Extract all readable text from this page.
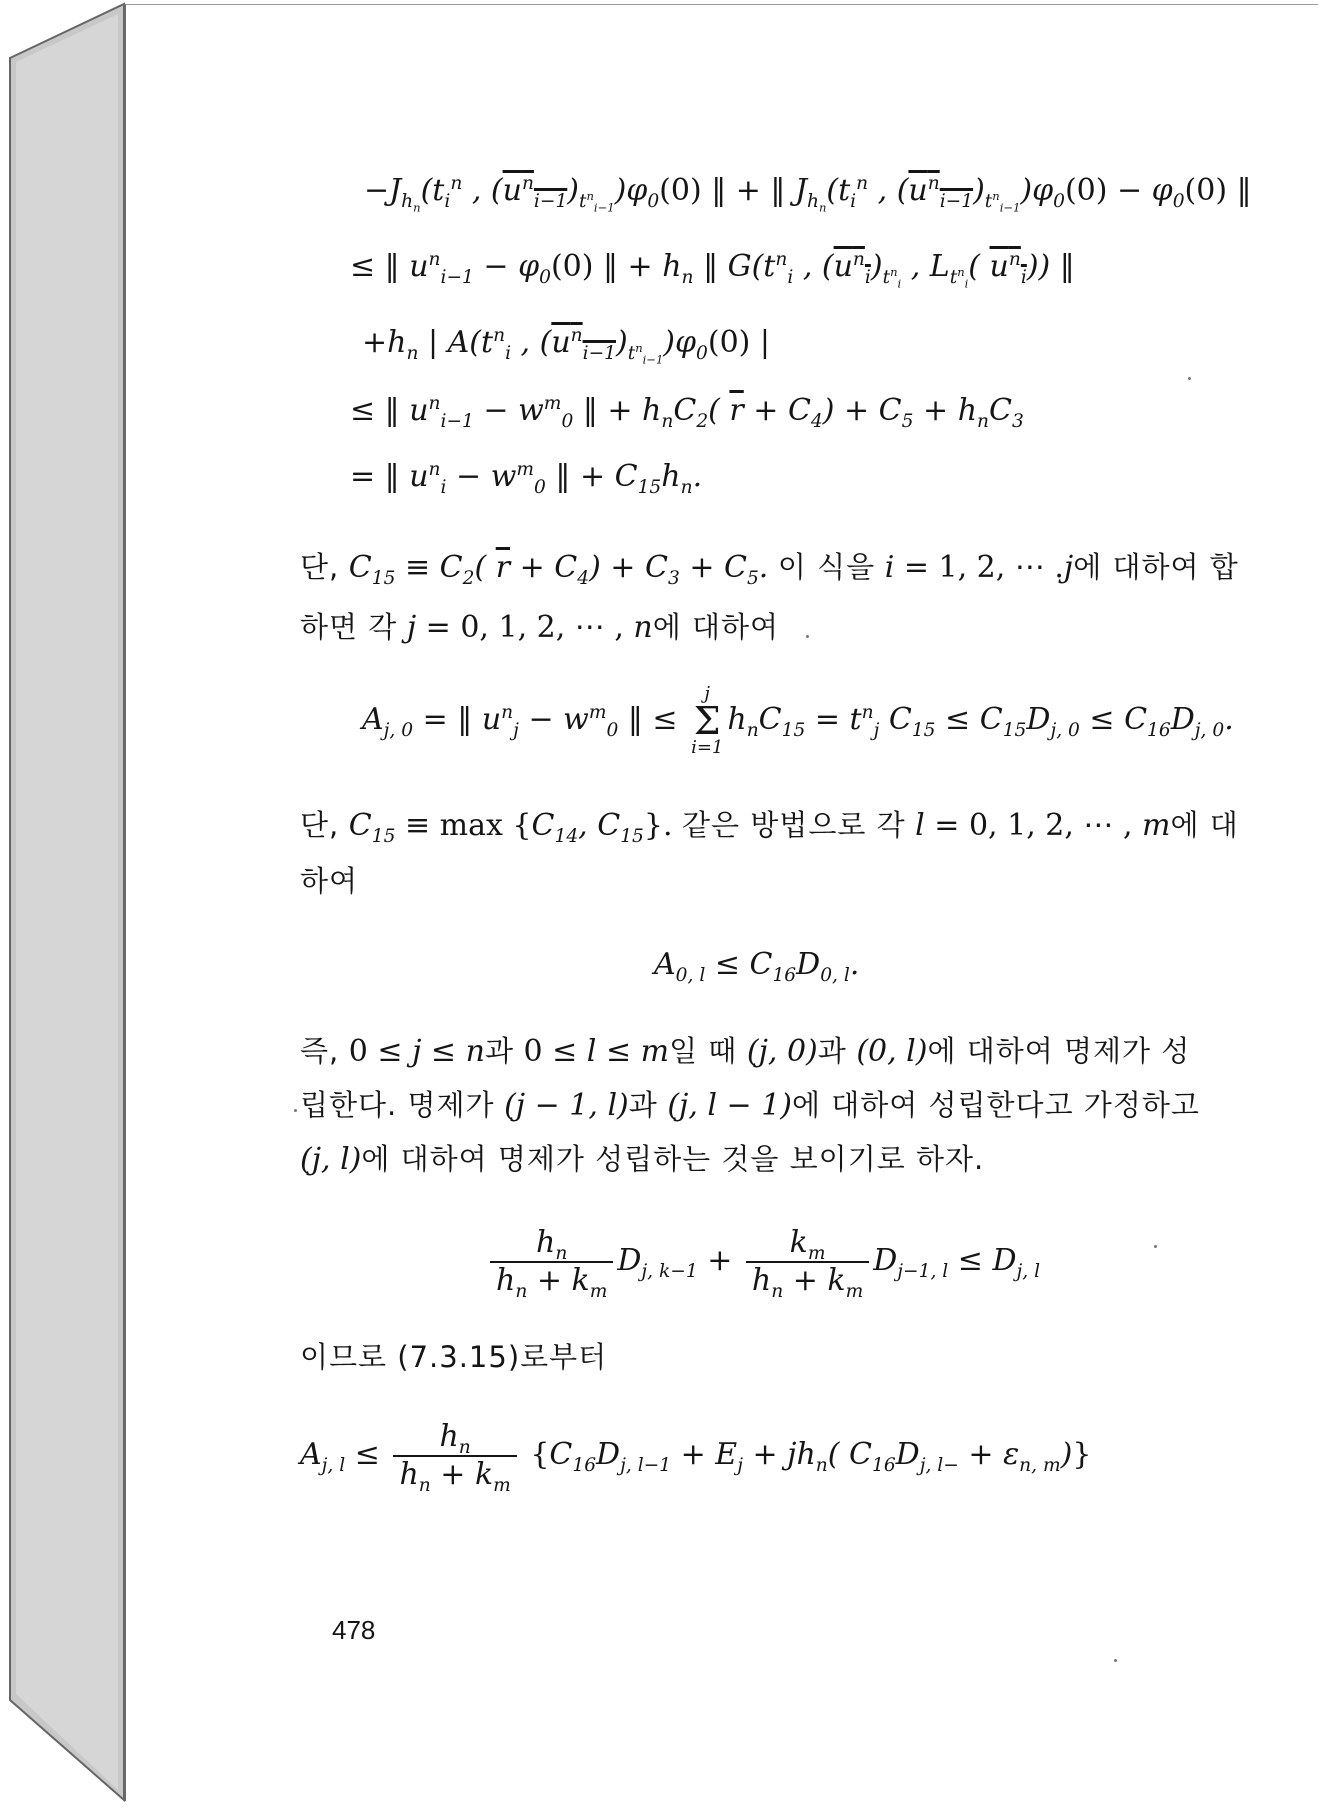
$-J_{h_n}(t_i^n$ , $(u^n_{i-1})_{t^n_{i-1}})\varphi_0(0)$ ‖ + ‖ $J_{h_n}(t_i^n$ , $(u^n_{i-1})_{t^n_{i-1}})\varphi_0(0) - \varphi_0(0)$ ‖
≤ ‖ $u^n_{i-1} - \varphi_0(0)$ ‖ + $h_n$ ‖ $G(t^n_i$ , $(u^n_i)_{t^n_i}$ , $L_{t^n_i}$( $u^n_i$)) ‖
$+h_n$ | $A(t^n_i$ , $(u^n_{i-1})_{t^n_{i-1}})\varphi_0(0)$ |
≤ ‖ $u^n_{i-1} - w^m_0$ ‖ + $h_nC_2$( $\overline{r} + C_4) + C_5 + h_nC_3$
= ‖ $u^n_i - w^m_0$ ‖ + $C_{15}h_n$.
단, $C_{15} \equiv C_2$( $\overline{r} + C_4) + C_3 + C_5$. 이 식을 i = 1, 2, ⋯ .j에 대하여 합
하면 각 j = 0, 1, 2, ⋯ , n에 대하여
$A_{j, 0}$ = ‖ $u^n_j - w^m_0$ ‖ ≤
j
Σ
i=1
$h_nC_{15} = t^n_j$ $C_{15} \le C_{15}D_{j, 0} \le C_{16}D_{j, 0}$.
단, $C_{15} \equiv \max \{C_{14}$, $C_{15}$}. 같은 방법으로 각 l = 0, 1, 2, ⋯ , m에 대
하여
$A_{0, l} \le C_{16}D_{0, l}$.
즉, 0 ≤ j ≤ n과 0 ≤ l ≤ m일 때 (j, 0)과 (0, l)에 대하여 명제가 성
립한다. 명제가 (j − 1, l)과 (j, l − 1)에 대하여 성립한다고 가정하고
(j, l)에 대하여 명제가 성립하는 것을 보이기로 하자.
$\frac{h_n}{h_n + k_m} D_{j, k-1} + \frac{k_m}{h_n + k_m} D_{j-1, l} \le D_{j, l}$
이므로 (7.3.15)로부터
$A_{j, l} \le \frac{h_n}{h_n + k_m} \{C_{16}D_{j, l-1} + E_j + jh_n$( $C_{16}D_{j, l-} + \varepsilon_{n, m}$)}
478
